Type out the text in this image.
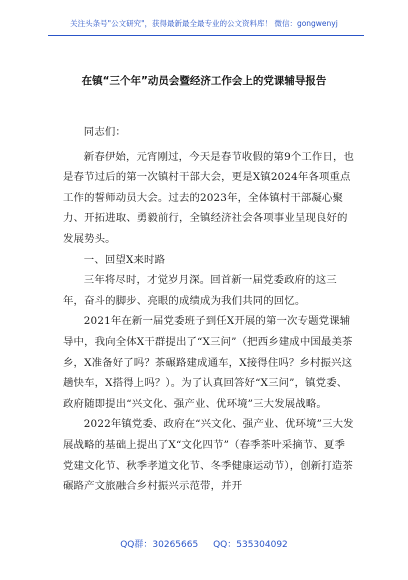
关注头条号"公文研究"，获得最新最全最专业的公文资料库！ 微信：gongwenyj
在镇“三个年”动员会暨经济工作会上的党课辅导报告

同志们：

新春伊始，元宵刚过，今天是春节收假的第9个工作日，也是春节过后的第一次镇村干部大会，更是X镇2024年各项重点工作的誓师动员大会。过去的2023年，全体镇村干部凝心聚力、开拓进取、勇毅前行，全镇经济社会各项事业呈现良好的发展势头。

一、回望X来时路

三年将尽时，才觉岁月深。回首新一届党委政府的这三年，奋斗的脚步、亮眼的成绩成为我们共同的回忆。

2021年在新一届党委班子到任X开展的第一次专题党课辅导中，我向全体X干群提出了“X三问”（把西乡建成中国最美茶乡，X准备好了吗？茶碾路建成通车，X接得住吗？乡村振兴这趟快车，X搭得上吗？）。为了认真回答好“X三问”，镇党委、政府随即提出“兴文化、强产业、优环境”三大发展战略。

2022年镇党委、政府在“兴文化、强产业、优环境”三大发展战略的基础上提出了X“文化四节”（春季茶叶采摘节、夏季党建文化节、秋季孝道文化节、冬季健康运动节），创新打造茶碾路产文旅融合乡村振兴示范带，并开

QQ群：30265665 QQ：535304092
